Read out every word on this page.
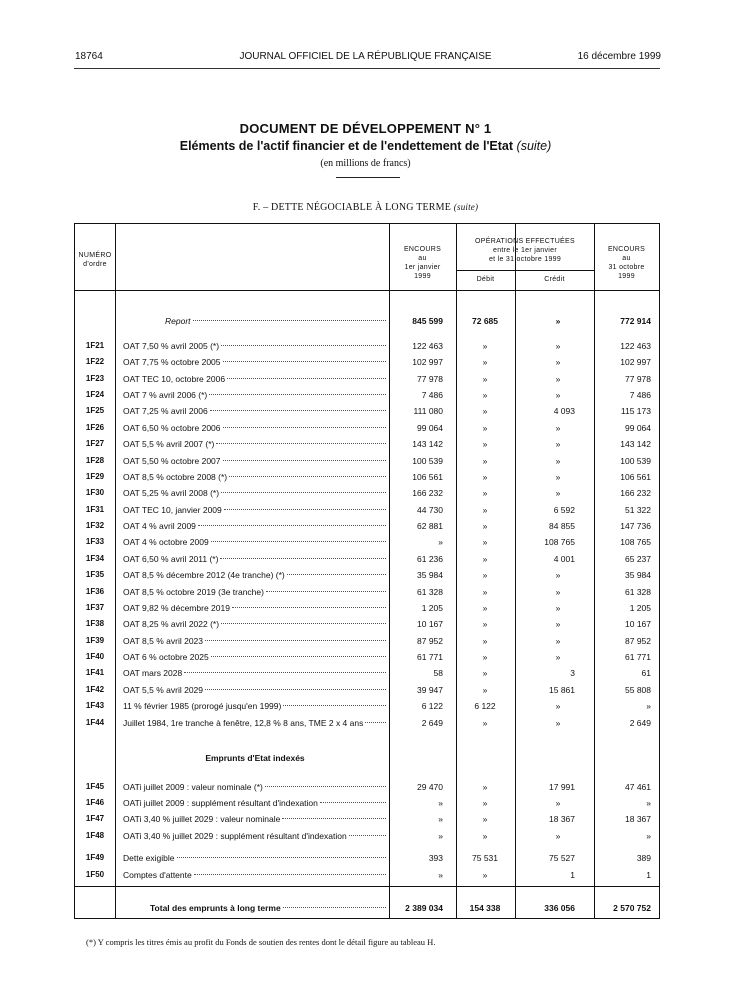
18764	JOURNAL OFFICIEL DE LA RÉPUBLIQUE FRANÇAISE	16 décembre 1999
DOCUMENT DE DÉVELOPPEMENT N° 1
Eléments de l'actif financier et de l'endettement de l'Etat (suite)
(en millions de francs)
F. – DETTE NÉGOCIABLE À LONG TERME (suite)
NUMÉRO
d'ordre
ENCOURS
au
1er janvier
1999
OPÉRATIONS EFFECTUÉES
entre le 1er janvier
et le 31 octobre 1999
Débit	Crédit
ENCOURS
au
31 octobre
1999
Report	845 599	72 685	»	772 914
1F21	OAT 7,50 % avril 2005 (*)	122 463	»	»	122 463
1F22	OAT 7,75 % octobre 2005	102 997	»	»	102 997
1F23	OAT TEC 10, octobre 2006	77 978	»	»	77 978
1F24	OAT 7 % avril 2006 (*)	7 486	»	»	7 486
1F25	OAT 7,25 % avril 2006	111 080	»	4 093	115 173
1F26	OAT 6,50 % octobre 2006	99 064	»	»	99 064
1F27	OAT 5,5 % avril 2007 (*)	143 142	»	»	143 142
1F28	OAT 5,50 % octobre 2007	100 539	»	»	100 539
1F29	OAT 8,5 % octobre 2008 (*)	106 561	»	»	106 561
1F30	OAT 5,25 % avril 2008 (*)	166 232	»	»	166 232
1F31	OAT TEC 10, janvier 2009	44 730	»	6 592	51 322
1F32	OAT 4 % avril 2009	62 881	»	84 855	147 736
1F33	OAT 4 % octobre 2009	»	»	108 765	108 765
1F34	OAT 6,50 % avril 2011 (*)	61 236	»	4 001	65 237
1F35	OAT 8,5 % décembre 2012 (4e tranche) (*)	35 984	»	»	35 984
1F36	OAT 8,5 % octobre 2019 (3e tranche)	61 328	»	»	61 328
1F37	OAT 9,82 % décembre 2019	1 205	»	»	1 205
1F38	OAT 8,25 % avril 2022 (*)	10 167	»	»	10 167
1F39	OAT 8,5 % avril 2023	87 952	»	»	87 952
1F40	OAT 6 % octobre 2025	61 771	»	»	61 771
1F41	OAT mars 2028	58	»	3	61
1F42	OAT 5,5 % avril 2029	39 947	»	15 861	55 808
1F43	11 % février 1985 (prorogé jusqu'en 1999)	6 122	6 122	»	»
1F44	Juillet 1984, 1re tranche à fenêtre, 12,8 % 8 ans, TME 2 x 4 ans	2 649	»	»	2 649
Emprunts d'Etat indexés
1F45	OATi juillet 2009 : valeur nominale (*)	29 470	»	17 991	47 461
1F46	OATi juillet 2009 : supplément résultant d'indexation	»	»	»	»
1F47	OATi 3,40 % juillet 2029 : valeur nominale	»	»	18 367	18 367
1F48	OATi 3,40 % juillet 2029 : supplément résultant d'indexation	»	»	»	»
1F49	Dette exigible	393	75 531	75 527	389
1F50	Comptes d'attente	»	»	1	1
Total des emprunts à long terme	2 389 034	154 338	336 056	2 570 752
(*) Y compris les titres émis au profit du Fonds de soutien des rentes dont le détail figure au tableau H.
